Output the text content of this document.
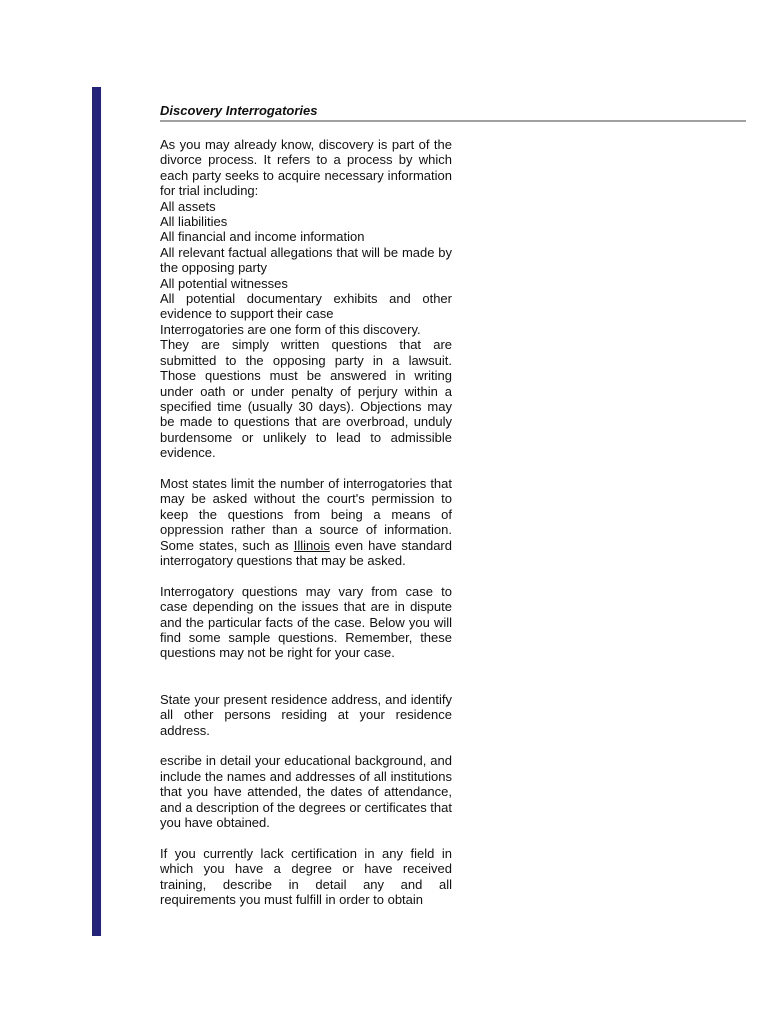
Discovery Interrogatories

As you may already know, discovery is part of the divorce process. It refers to a process by which each party seeks to acquire necessary information for trial including:

All assets

All liabilities

All financial and income information

All relevant factual allegations that will be made by the opposing party

All potential witnesses

All potential documentary exhibits and other evidence to support their case

Interrogatories are one form of this discovery.

They are simply written questions that are submitted to the opposing party in a lawsuit. Those questions must be answered in writing under oath or under penalty of perjury within a specified time (usually 30 days). Objections may be made to questions that are overbroad, unduly burdensome or unlikely to lead to admissible evidence.

Most states limit the number of interrogatories that may be asked without the court's permission to keep the questions from being a means of oppression rather than a source of information. Some states, such as Illinois even have standard interrogatory questions that may be asked.

Interrogatory questions may vary from case to case depending on the issues that are in dispute and the particular facts of the case. Below you will find some sample questions. Remember, these questions may not be right for your case.

State your present residence address, and identify all other persons residing at your residence address.

escribe in detail your educational background, and include the names and addresses of all institutions that you have attended, the dates of attendance, and a description of the degrees or certificates that you have obtained.

If you currently lack certification in any field in which you have a degree or have received training, describe in detail any and all requirements you must fulfill in order to obtain
